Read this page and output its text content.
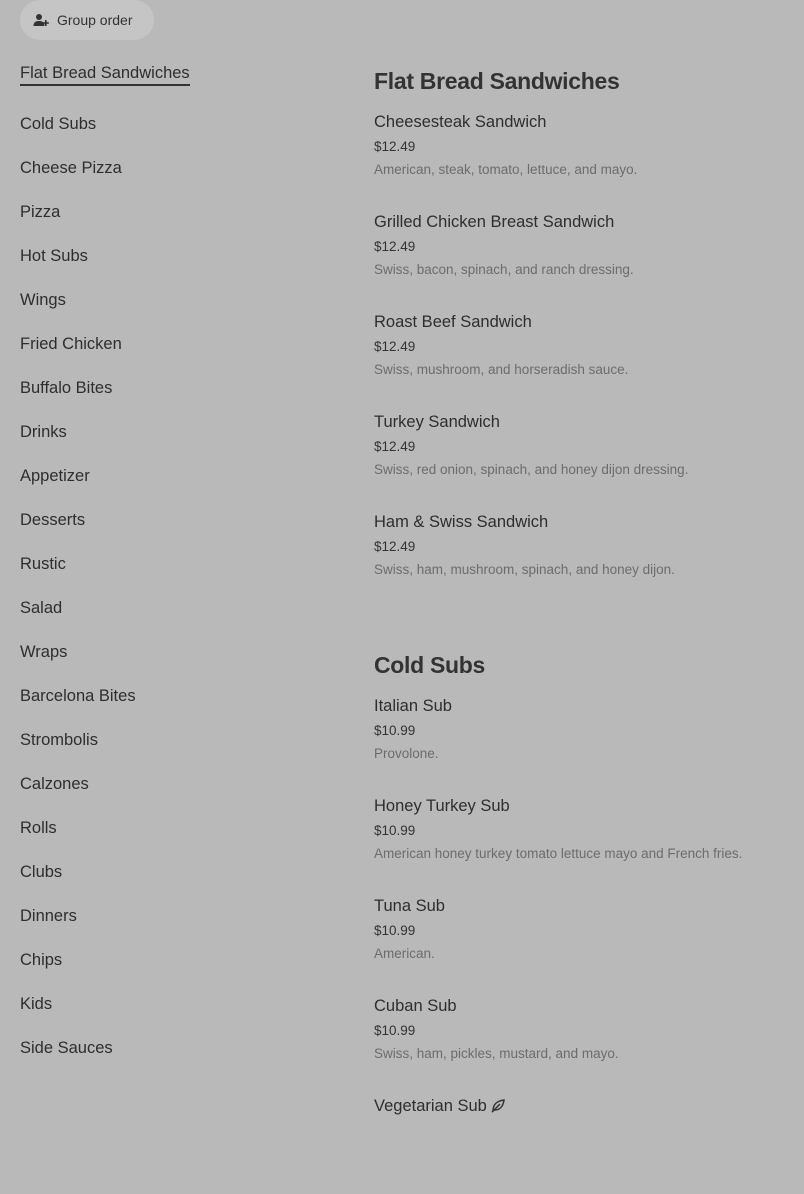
Group order
Flat Bread Sandwiches
Cold Subs
Cheese Pizza
Pizza
Hot Subs
Wings
Fried Chicken
Buffalo Bites
Drinks
Appetizer
Desserts
Rustic
Salad
Wraps
Barcelona Bites
Strombolis
Calzones
Rolls
Clubs
Dinners
Chips
Kids
Side Sauces
Flat Bread Sandwiches
Cheesesteak Sandwich
$12.49
American, steak, tomato, lettuce, and mayo.
Grilled Chicken Breast Sandwich
$12.49
Swiss, bacon, spinach, and ranch dressing.
Roast Beef Sandwich
$12.49
Swiss, mushroom, and horseradish sauce.
Turkey Sandwich
$12.49
Swiss, red onion, spinach, and honey dijon dressing.
Ham & Swiss Sandwich
$12.49
Swiss, ham, mushroom, spinach, and honey dijon.
Cold Subs
Italian Sub
$10.99
Provolone.
Honey Turkey Sub
$10.99
American honey turkey tomato lettuce mayo and French fries.
Tuna Sub
$10.99
American.
Cuban Sub
$10.99
Swiss, ham, pickles, mustard, and mayo.
Vegetarian Sub
